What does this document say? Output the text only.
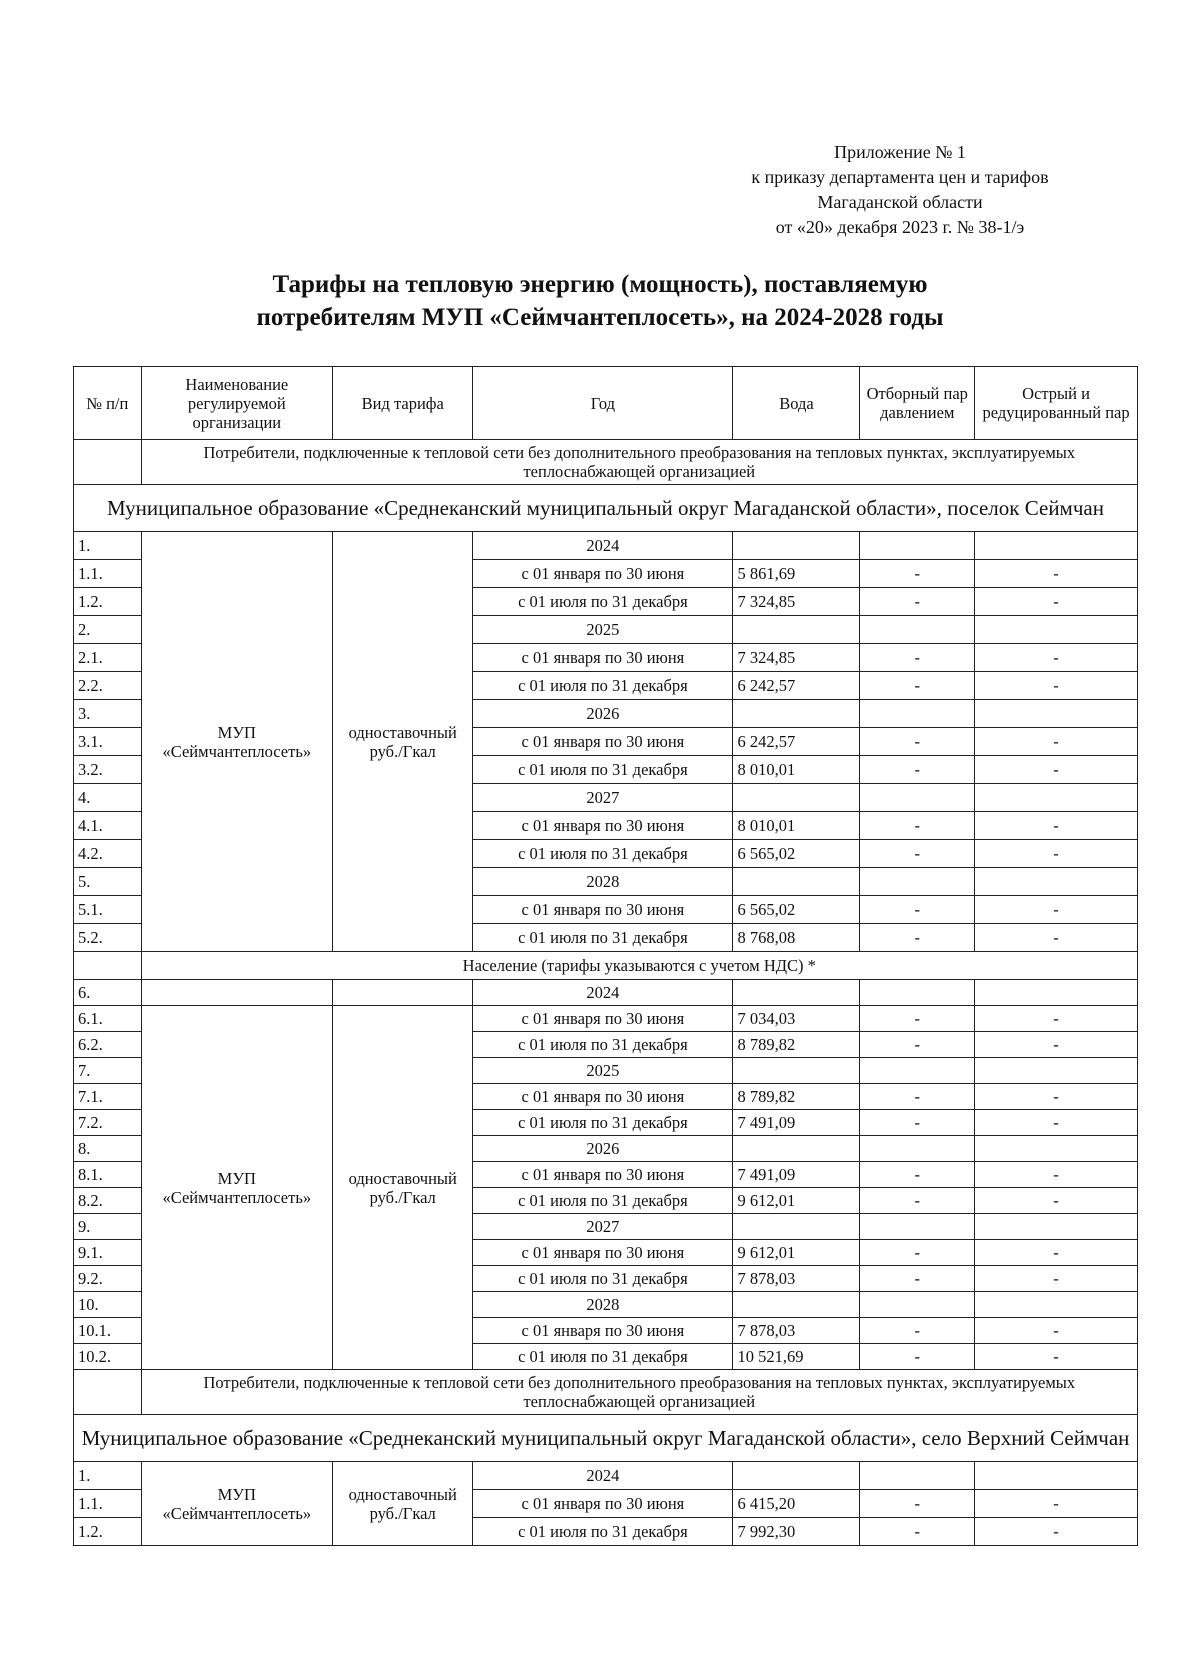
Приложение № 1
к приказу департамента цен и тарифов
Магаданской области
от «20» декабря 2023 г. № 38-1/э
Тарифы на тепловую энергию (мощность), поставляемую
потребителям МУП «Сеймчантеплосеть», на 2024-2028 годы
№ п/п	Наименование регулируемой организации	Вид тарифа	Год	Вода	Отборный пар давлением	Острый и редуцированный пар
	Потребители, подключенные к тепловой сети без дополнительного преобразования на тепловых пунктах, эксплуатируемых теплоснабжающей организацией					
Муниципальное образование «Среднеканский муниципальный округ Магаданской области», поселок Сеймчан						
1.	МУП «Сеймчантеплосеть»	одноставочный руб./Гкал	2024			
1.1.			с 01 января по 30 июня	5 861,69	-	-
1.2.			с 01 июля по 31 декабря	7 324,85	-	-
2.			2025			
2.1.			с 01 января по 30 июня	7 324,85	-	-
2.2.			с 01 июля по 31 декабря	6 242,57	-	-
3.			2026			
3.1.			с 01 января по 30 июня	6 242,57	-	-
3.2.			с 01 июля по 31 декабря	8 010,01	-	-
4.			2027			
4.1.			с 01 января по 30 июня	8 010,01	-	-
4.2.			с 01 июля по 31 декабря	6 565,02	-	-
5.			2028			
5.1.			с 01 января по 30 июня	6 565,02	-	-
5.2.			с 01 июля по 31 декабря	8 768,08	-	-
	Население (тарифы указываются с учетом НДС) *					
6.			2024			
6.1.	МУП «Сеймчантеплосеть»	одноставочный руб./Гкал	с 01 января по 30 июня	7 034,03	-	-
6.2.			с 01 июля по 31 декабря	8 789,82	-	-
7.			2025			
7.1.			с 01 января по 30 июня	8 789,82	-	-
7.2.			с 01 июля по 31 декабря	7 491,09	-	-
8.			2026			
8.1.			с 01 января по 30 июня	7 491,09	-	-
8.2.			с 01 июля по 31 декабря	9 612,01	-	-
9.			2027			
9.1.			с 01 января по 30 июня	9 612,01	-	-
9.2.			с 01 июля по 31 декабря	7 878,03	-	-
10.			2028			
10.1.			с 01 января по 30 июня	7 878,03	-	-
10.2.			с 01 июля по 31 декабря	10 521,69	-	-
	Потребители, подключенные к тепловой сети без дополнительного преобразования на тепловых пунктах, эксплуатируемых теплоснабжающей организацией					
Муниципальное образование «Среднеканский муниципальный округ Магаданской области», село Верхний Сеймчан						
1.	МУП «Сеймчантеплосеть»	одноставочный руб./Гкал	2024			
1.1.			с 01 января по 30 июня	6 415,20	-	-
1.2.			с 01 июля по 31 декабря	7 992,30	-	-
